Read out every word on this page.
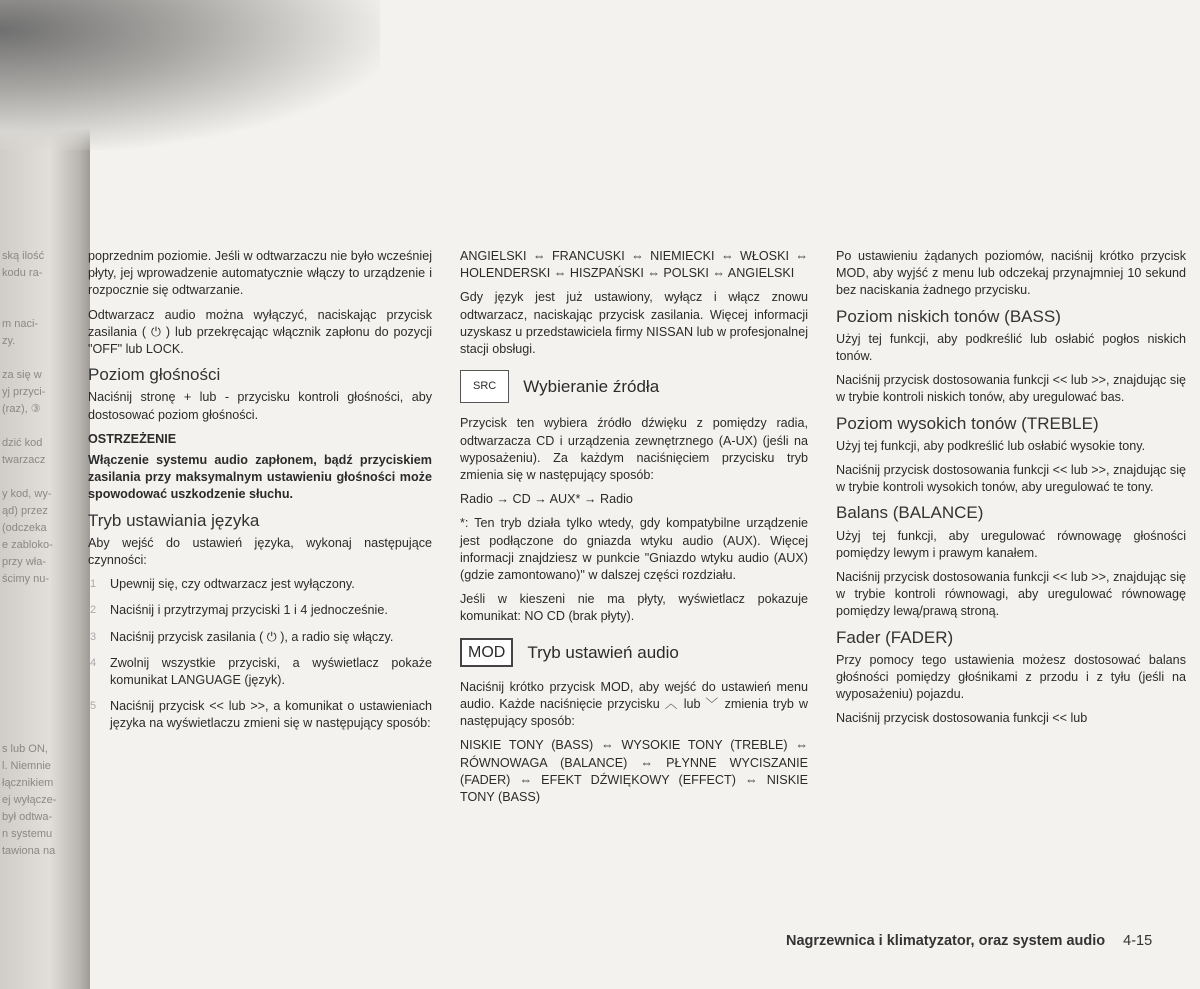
ską ilość
kodu ra-

m naci-
zy.

za się w
yj przyci-
(raz), ③

dzić kod
twarzacz

y kod, wy-
ąd) przez
(odczeka
e zabloko-
przy wła-
ścimy nu-

s lub ON,
l. Niemnie
łącznikiem
ej wyłącze-
był odtwa-
n systemu
tawiona na

poprzednim poziomie. Jeśli w odtwarzaczu nie było wcześniej płyty, jej wprowadzenie automatycznie włączy to urządzenie i rozpocznie się odtwarzanie.

Odtwarzacz audio można wyłączyć, naciskając przycisk zasilania ( ⏻ ) lub przekręcając włącznik zapłonu do pozycji "OFF" lub LOCK.

Poziom głośności

Naciśnij stronę + lub - przycisku kontroli głośności, aby dostosować poziom głośności.

OSTRZEŻENIE

Włączenie systemu audio zapłonem, bądź przyciskiem zasilania przy maksymalnym ustawieniu głośności może spowodować uszkodzenie słuchu.

Tryb ustawiania języka

Aby wejść do ustawień języka, wykonaj następujące czynności:

1 Upewnij się, czy odtwarzacz jest wyłączony.
2 Naciśnij i przytrzymaj przyciski 1 i 4 jednocześnie.
3 Naciśnij przycisk zasilania ( ⏻ ), a radio się włączy.
4 Zwolnij wszystkie przyciski, a wyświetlacz pokaże komunikat LANGUAGE (język).
5 Naciśnij przycisk << lub >>, a komunikat o ustawieniach języka na wyświetlaczu zmieni się w następujący sposób:

ANGIELSKI ⇔ FRANCUSKI ⇔ NIEMIECKI ⇔ WŁOSKI ⇔ HOLENDERSKI ⇔ HISZPAŃSKI ⇔ POLSKI ⇔ ANGIELSKI

Gdy język jest już ustawiony, wyłącz i włącz znowu odtwarzacz, naciskając przycisk zasilania. Więcej informacji uzyskasz u przedstawiciela firmy NISSAN lub w profesjonalnej stacji obsługi.

SRC	Wybieranie źródła

Przycisk ten wybiera źródło dźwięku z pomiędzy radia, odtwarzacza CD i urządzenia zewnętrznego (A-UX) (jeśli na wyposażeniu). Za każdym naciśnięciem przycisku tryb zmienia się w następujący sposób:

Radio → CD → AUX* → Radio

*: Ten tryb działa tylko wtedy, gdy kompatybilne urządzenie jest podłączone do gniazda wtyku audio (AUX). Więcej informacji znajdziesz w punkcie "Gniazdo wtyku audio (AUX) (gdzie zamontowano)" w dalszej części rozdziału.

Jeśli w kieszeni nie ma płyty, wyświetlacz pokazuje komunikat: NO CD (brak płyty).

MOD	Tryb ustawień audio

Naciśnij krótko przycisk MOD, aby wejść do ustawień menu audio. Każde naciśnięcie przycisku ︿ lub ﹀ zmienia tryb w następujący sposób:

NISKIE TONY (BASS) ⇔ WYSOKIE TONY (TREBLE) ⇔ RÓWNOWAGA (BALANCE) ⇔ PŁYNNE WYCISZANIE (FADER) ⇔ EFEKT DŹWIĘKOWY (EFFECT) ⇔ NISKIE TONY (BASS)

Po ustawieniu żądanych poziomów, naciśnij krótko przycisk MOD, aby wyjść z menu lub odczekaj przynajmniej 10 sekund bez naciskania żadnego przycisku.

Poziom niskich tonów (BASS)

Użyj tej funkcji, aby podkreślić lub osłabić pogłos niskich tonów.

Naciśnij przycisk dostosowania funkcji << lub >>, znajdując się w trybie kontroli niskich tonów, aby uregulować bas.

Poziom wysokich tonów (TREBLE)

Użyj tej funkcji, aby podkreślić lub osłabić wysokie tony.

Naciśnij przycisk dostosowania funkcji << lub >>, znajdując się w trybie kontroli wysokich tonów, aby uregulować te tony.

Balans (BALANCE)

Użyj tej funkcji, aby uregulować równowagę głośności pomiędzy lewym i prawym kanałem.

Naciśnij przycisk dostosowania funkcji << lub >>, znajdując się w trybie kontroli równowagi, aby uregulować równowagę pomiędzy lewą/prawą stroną.

Fader (FADER)

Przy pomocy tego ustawienia możesz dostosować balans głośności pomiędzy głośnikami z przodu i z tyłu (jeśli na wyposażeniu) pojazdu.

Naciśnij przycisk dostosowania funkcji << lub

Nagrzewnica i klimatyzator, oraz system audio 4-15
